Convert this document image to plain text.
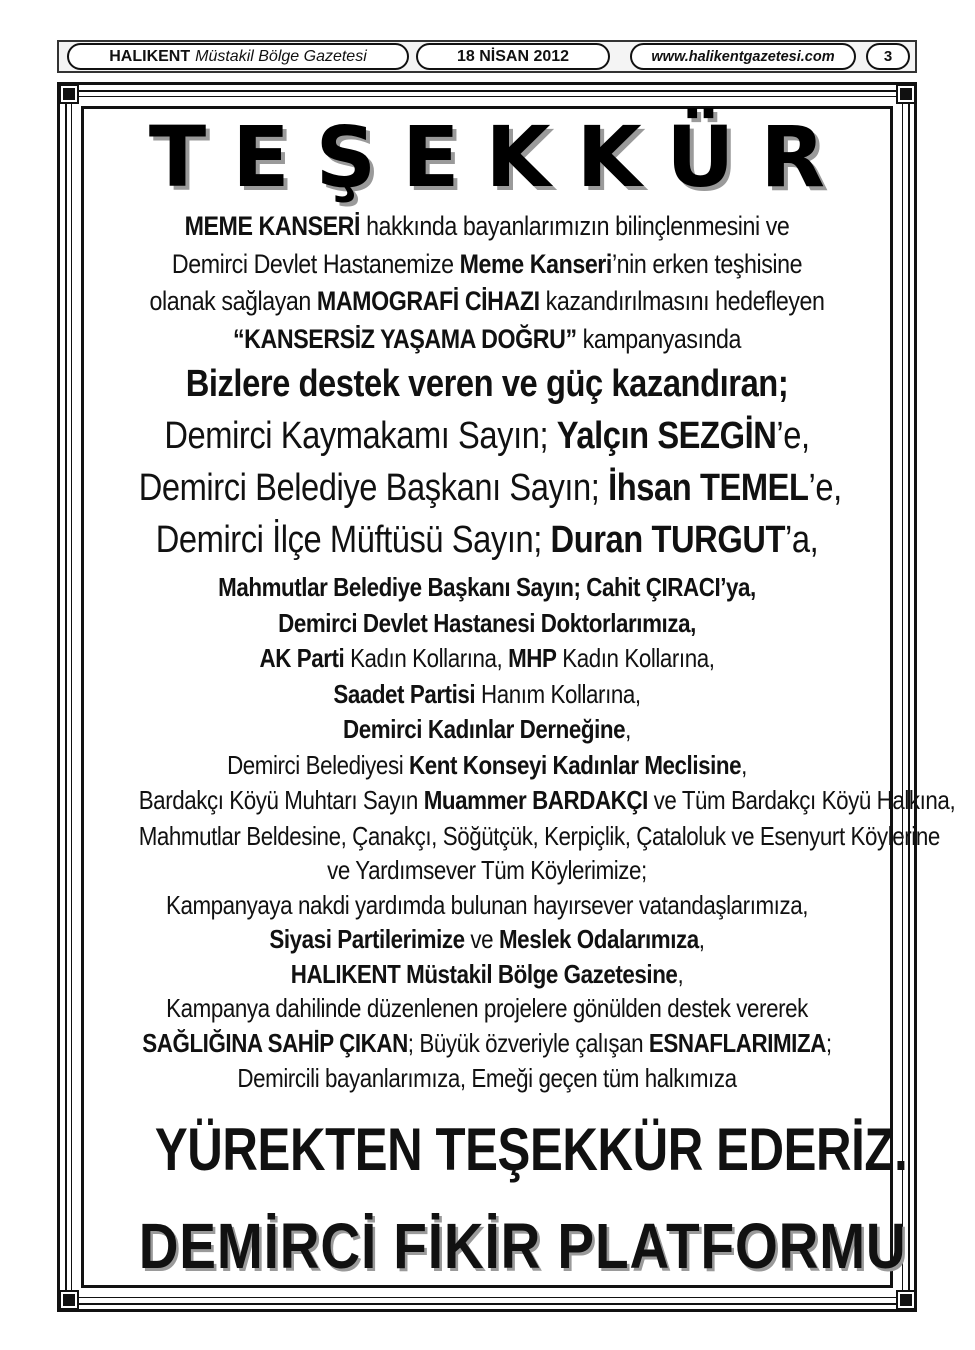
HALIKENT Müstakil Bölge Gazetesi	18 NİSAN 2012	www.halikentgazetesi.com	3
TEŞEKKÜR
MEME KANSERİ hakkında bayanlarımızın bilinçlenmesini ve
Demirci Devlet Hastanemize Meme Kanseri’nin erken teşhisine
olanak sağlayan MAMOGRAFİ CİHAZI kazandırılmasını hedefleyen
“KANSERSİZ YAŞAMA DOĞRU” kampanyasında
Bizlere destek veren ve güç kazandıran;
Demirci Kaymakamı Sayın; Yalçın SEZGİN’e,
Demirci Belediye Başkanı Sayın; İhsan TEMEL’e,
Demirci İlçe Müftüsü Sayın; Duran TURGUT’a,
Mahmutlar Belediye Başkanı Sayın; Cahit ÇIRACI’ya,
Demirci Devlet Hastanesi Doktorlarımıza,
AK Parti Kadın Kollarına, MHP Kadın Kollarına,
Saadet Partisi Hanım Kollarına,
Demirci Kadınlar Derneğine,
Demirci Belediyesi Kent Konseyi Kadınlar Meclisine,
Bardakçı Köyü Muhtarı Sayın Muammer BARDAKÇI ve Tüm Bardakçı Köyü Halkına,
Mahmutlar Beldesine, Çanakçı, Söğütçük, Kerpiçlik, Çataloluk ve Esenyurt Köylerine
ve Yardımsever Tüm Köylerimize;
Kampanyaya nakdi yardımda bulunan hayırsever vatandaşlarımıza,
Siyasi Partilerimize ve Meslek Odalarımıza,
HALIKENT Müstakil Bölge Gazetesine,
Kampanya dahilinde düzenlenen projelere gönülden destek vererek
SAĞLIĞINA SAHİP ÇIKAN; Büyük özveriyle çalışan ESNAFLARIMIZA;
Demircili bayanlarımıza, Emeği geçen tüm halkımıza
YÜREKTEN TEŞEKKÜR EDERİZ.
DEMİRCİ FİKİR PLATFORMU
